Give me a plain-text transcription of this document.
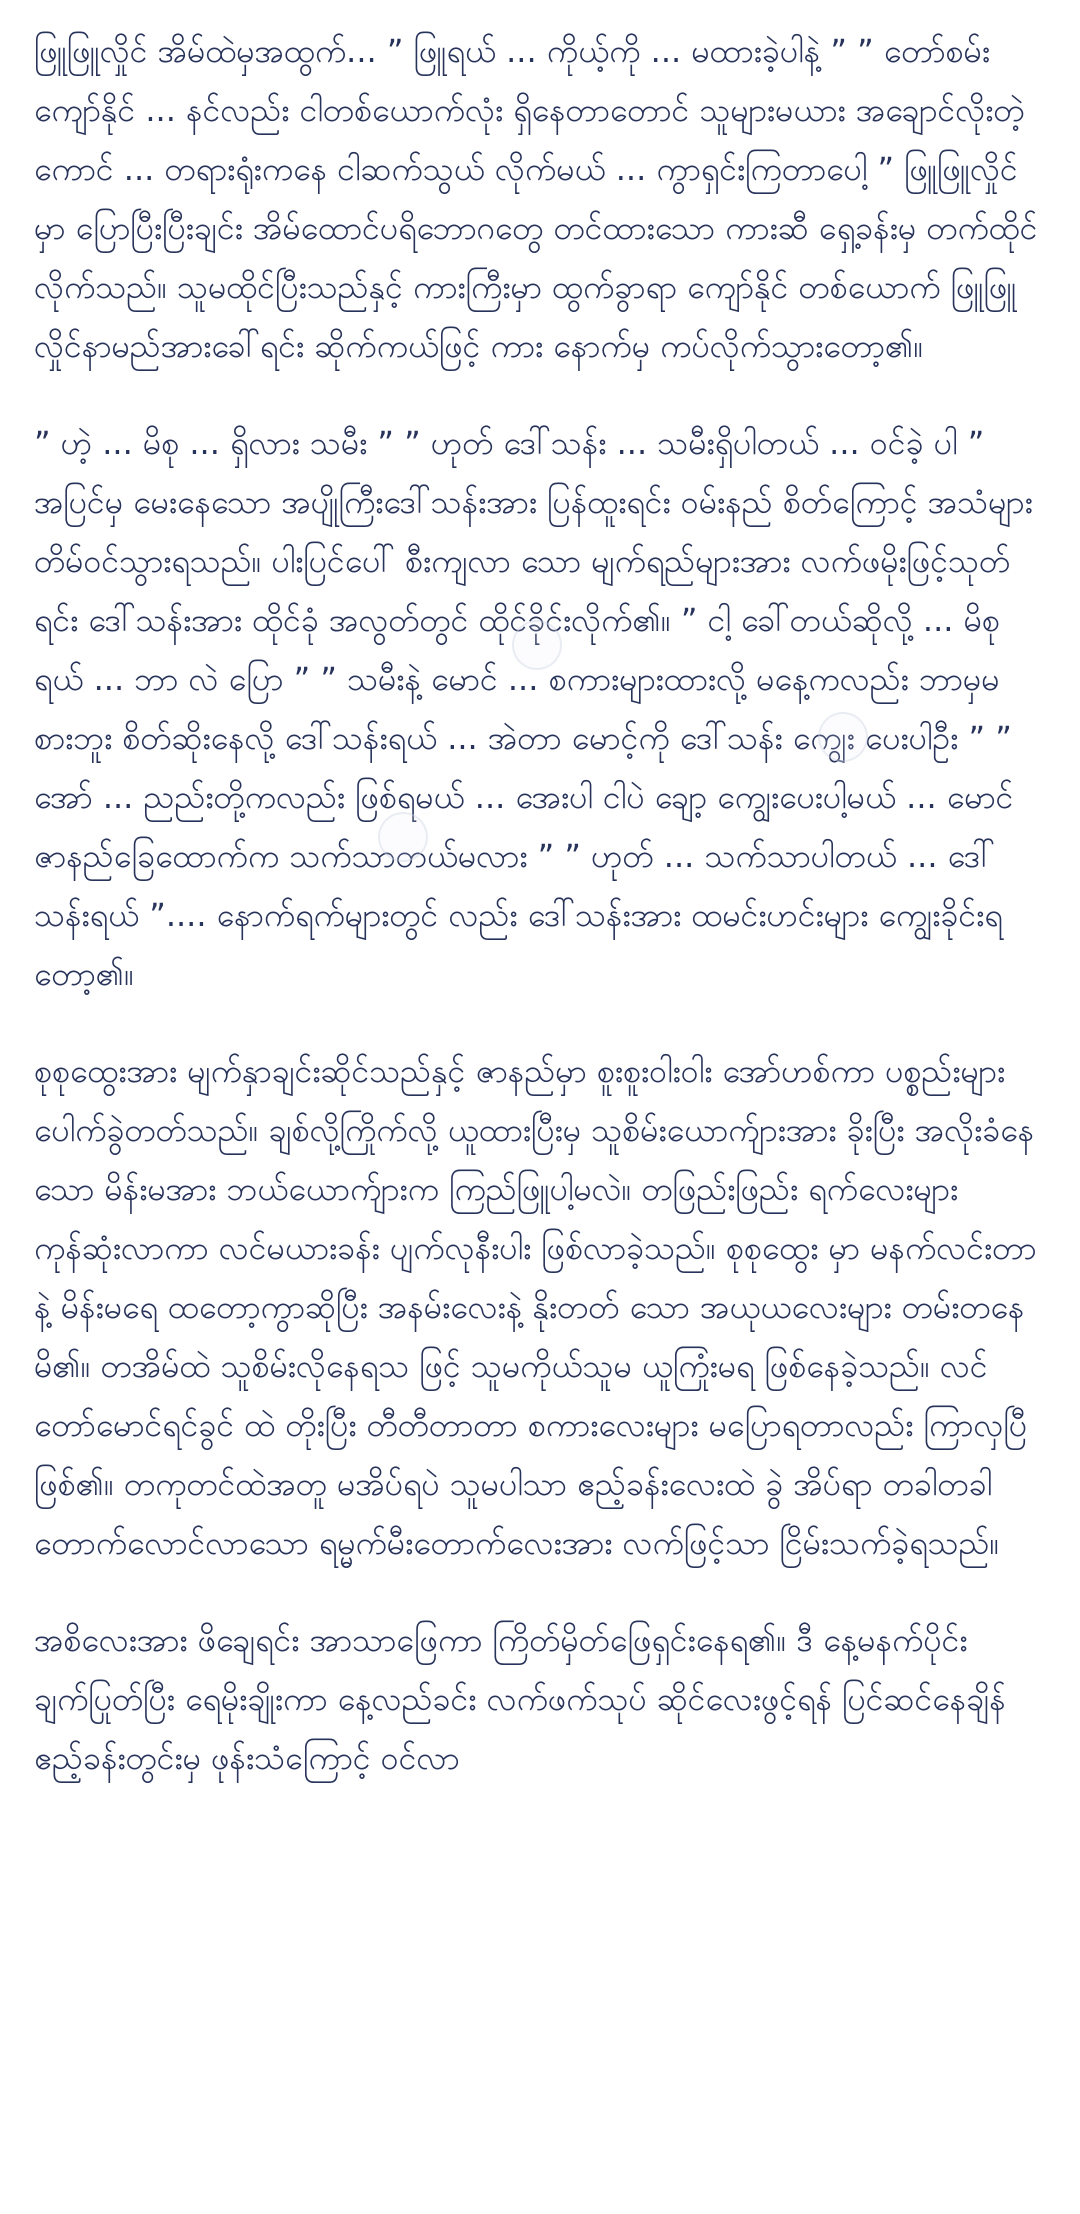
ဖြူဖြူလှိုင် အိမ်ထဲမှအထွက်... ” ဖြူရယ် ... ကိုယ့်ကို ... မထားခဲ့ပါနဲ့ ” ” တော်စမ်း ကျော်နိုင် ... နင်လည်း ငါတစ်ယောက်လုံး ရှိနေတာတောင် သူများမယား အချောင်လိုးတဲ့ကောင် ... တရားရုံးကနေ ငါဆက်သွယ် လိုက်မယ် ... ကွာရှင်းကြတာပေါ့ ” ဖြူဖြူလှိုင်မှာ ပြောပြီးပြီးချင်း အိမ်ထောင်ပရိဘောဂတွေ တင်ထားသော ကားဆီ ရှေ့ခန်းမှ တက်ထိုင် လိုက်သည်။ သူမထိုင်ပြီးသည်နှင့် ကားကြီးမှာ ထွက်ခွာရာ ကျော်နိုင် တစ်ယောက် ဖြူဖြူလှိုင်နာမည်အားခေါ်ရင်း ဆိုက်ကယ်ဖြင့် ကား နောက်မှ ကပ်လိုက်သွားတော့၏။

” ဟဲ့ ... မိစု ... ရှိလား သမီး ” ” ဟုတ် ဒေါ်သန်း ... သမီးရှိပါတယ် ... ဝင်ခဲ့ ပါ ” အပြင်မှ မေးနေသော အပျိုကြီးဒေါ်သန်းအား ပြန်ထူးရင်း ဝမ်းနည် စိတ်ကြောင့် အသံများ တိမ်ဝင်သွားရသည်။ ပါးပြင်ပေါ် စီးကျလာ သော မျက်ရည်များအား လက်ဖမိုးဖြင့်သုတ်ရင်း ဒေါ်သန်းအား ထိုင်ခုံ အလွတ်တွင် ထိုင်ခိုင်းလိုက်၏။ ” ငါ့ ခေါ်တယ်ဆိုလို့ ... မိစုရယ် ... ဘာ လဲ ပြော ” ” သမီးနဲ့ မောင် ... စကားများထားလို့ မနေ့ကလည်း ဘာမှမ စားဘူး စိတ်ဆိုးနေလို့ ဒေါ်သန်းရယ် ... အဲတာ မောင့်ကို ဒေါ်သန်း ကျွေး ပေးပါဦး ” ” အော် ... ညည်းတို့ကလည်း ဖြစ်ရမယ် ... အေးပါ ငါပဲ ချော့ ကျွေးပေးပါ့မယ် ... မောင်ဇာနည်ခြေထောက်က သက်သာတယ်မလား ” ” ဟုတ် ... သက်သာပါတယ် ... ဒေါ်သန်းရယ် ”.... နောက်ရက်များတွင် လည်း ဒေါ်သန်းအား ထမင်းဟင်းများ ကျွေးခိုင်းရတော့၏။

စုစုထွေးအား မျက်နှာချင်းဆိုင်သည်နှင့် ဇာနည်မှာ စူးစူးဝါးဝါး အော်ဟစ်ကာ ပစ္စည်းများ ပေါက်ခွဲတတ်သည်။ ချစ်လို့ကြိုက်လို့ ယူထားပြီးမှ သူစိမ်းယောက်ျားအား ခိုးပြီး အလိုးခံနေသော မိန်းမအား ဘယ်ယောက်ျားက ကြည်ဖြူပါ့မလဲ။ တဖြည်းဖြည်း ရက်လေးများ ကုန်ဆုံးလာကာ လင်မယားခန်း ပျက်လုနီးပါး ဖြစ်လာခဲ့သည်။ စုစုထွေး မှာ မနက်လင်းတာနဲ့ မိန်းမရေ ထတော့ကွာဆိုပြီး အနမ်းလေးနဲ့ နိုးတတ် သော အယုယလေးများ တမ်းတနေမိ၏။ တအိမ်ထဲ သူစိမ်းလိုနေရသ ဖြင့် သူမကိုယ်သူမ ယူကြုံးမရ ဖြစ်နေခဲ့သည်။ လင်တော်မောင်ရင်ခွင် ထဲ တိုးပြီး တီတီတာတာ စကားလေးများ မပြောရတာလည်း ကြာလှပြီ ဖြစ်၏။ တကုတင်ထဲအတူ မအိပ်ရပဲ သူမပါသာ ဧည့်ခန်းလေးထဲ ခွဲ အိပ်ရာ တခါတခါ တောက်လောင်လာသော ရမ္မက်မီးတောက်လေးအား လက်ဖြင့်သာ ငြိမ်းသက်ခဲ့ရသည်။

အစိလေးအား ဖိချေရင်း အာသာဖြေကာ ကြိတ်မှိတ်ဖြေရှင်းနေရ၏။ ဒီ နေ့မနက်ပိုင်း ချက်ပြုတ်ပြီး ရေမိုးချိုးကာ နေ့လည်ခင်း လက်ဖက်သုပ် ဆိုင်လေးဖွင့်ရန် ပြင်ဆင်နေချိန် ဧည့်ခန်းတွင်းမှ ဖုန်းသံကြောင့် ဝင်လာ
